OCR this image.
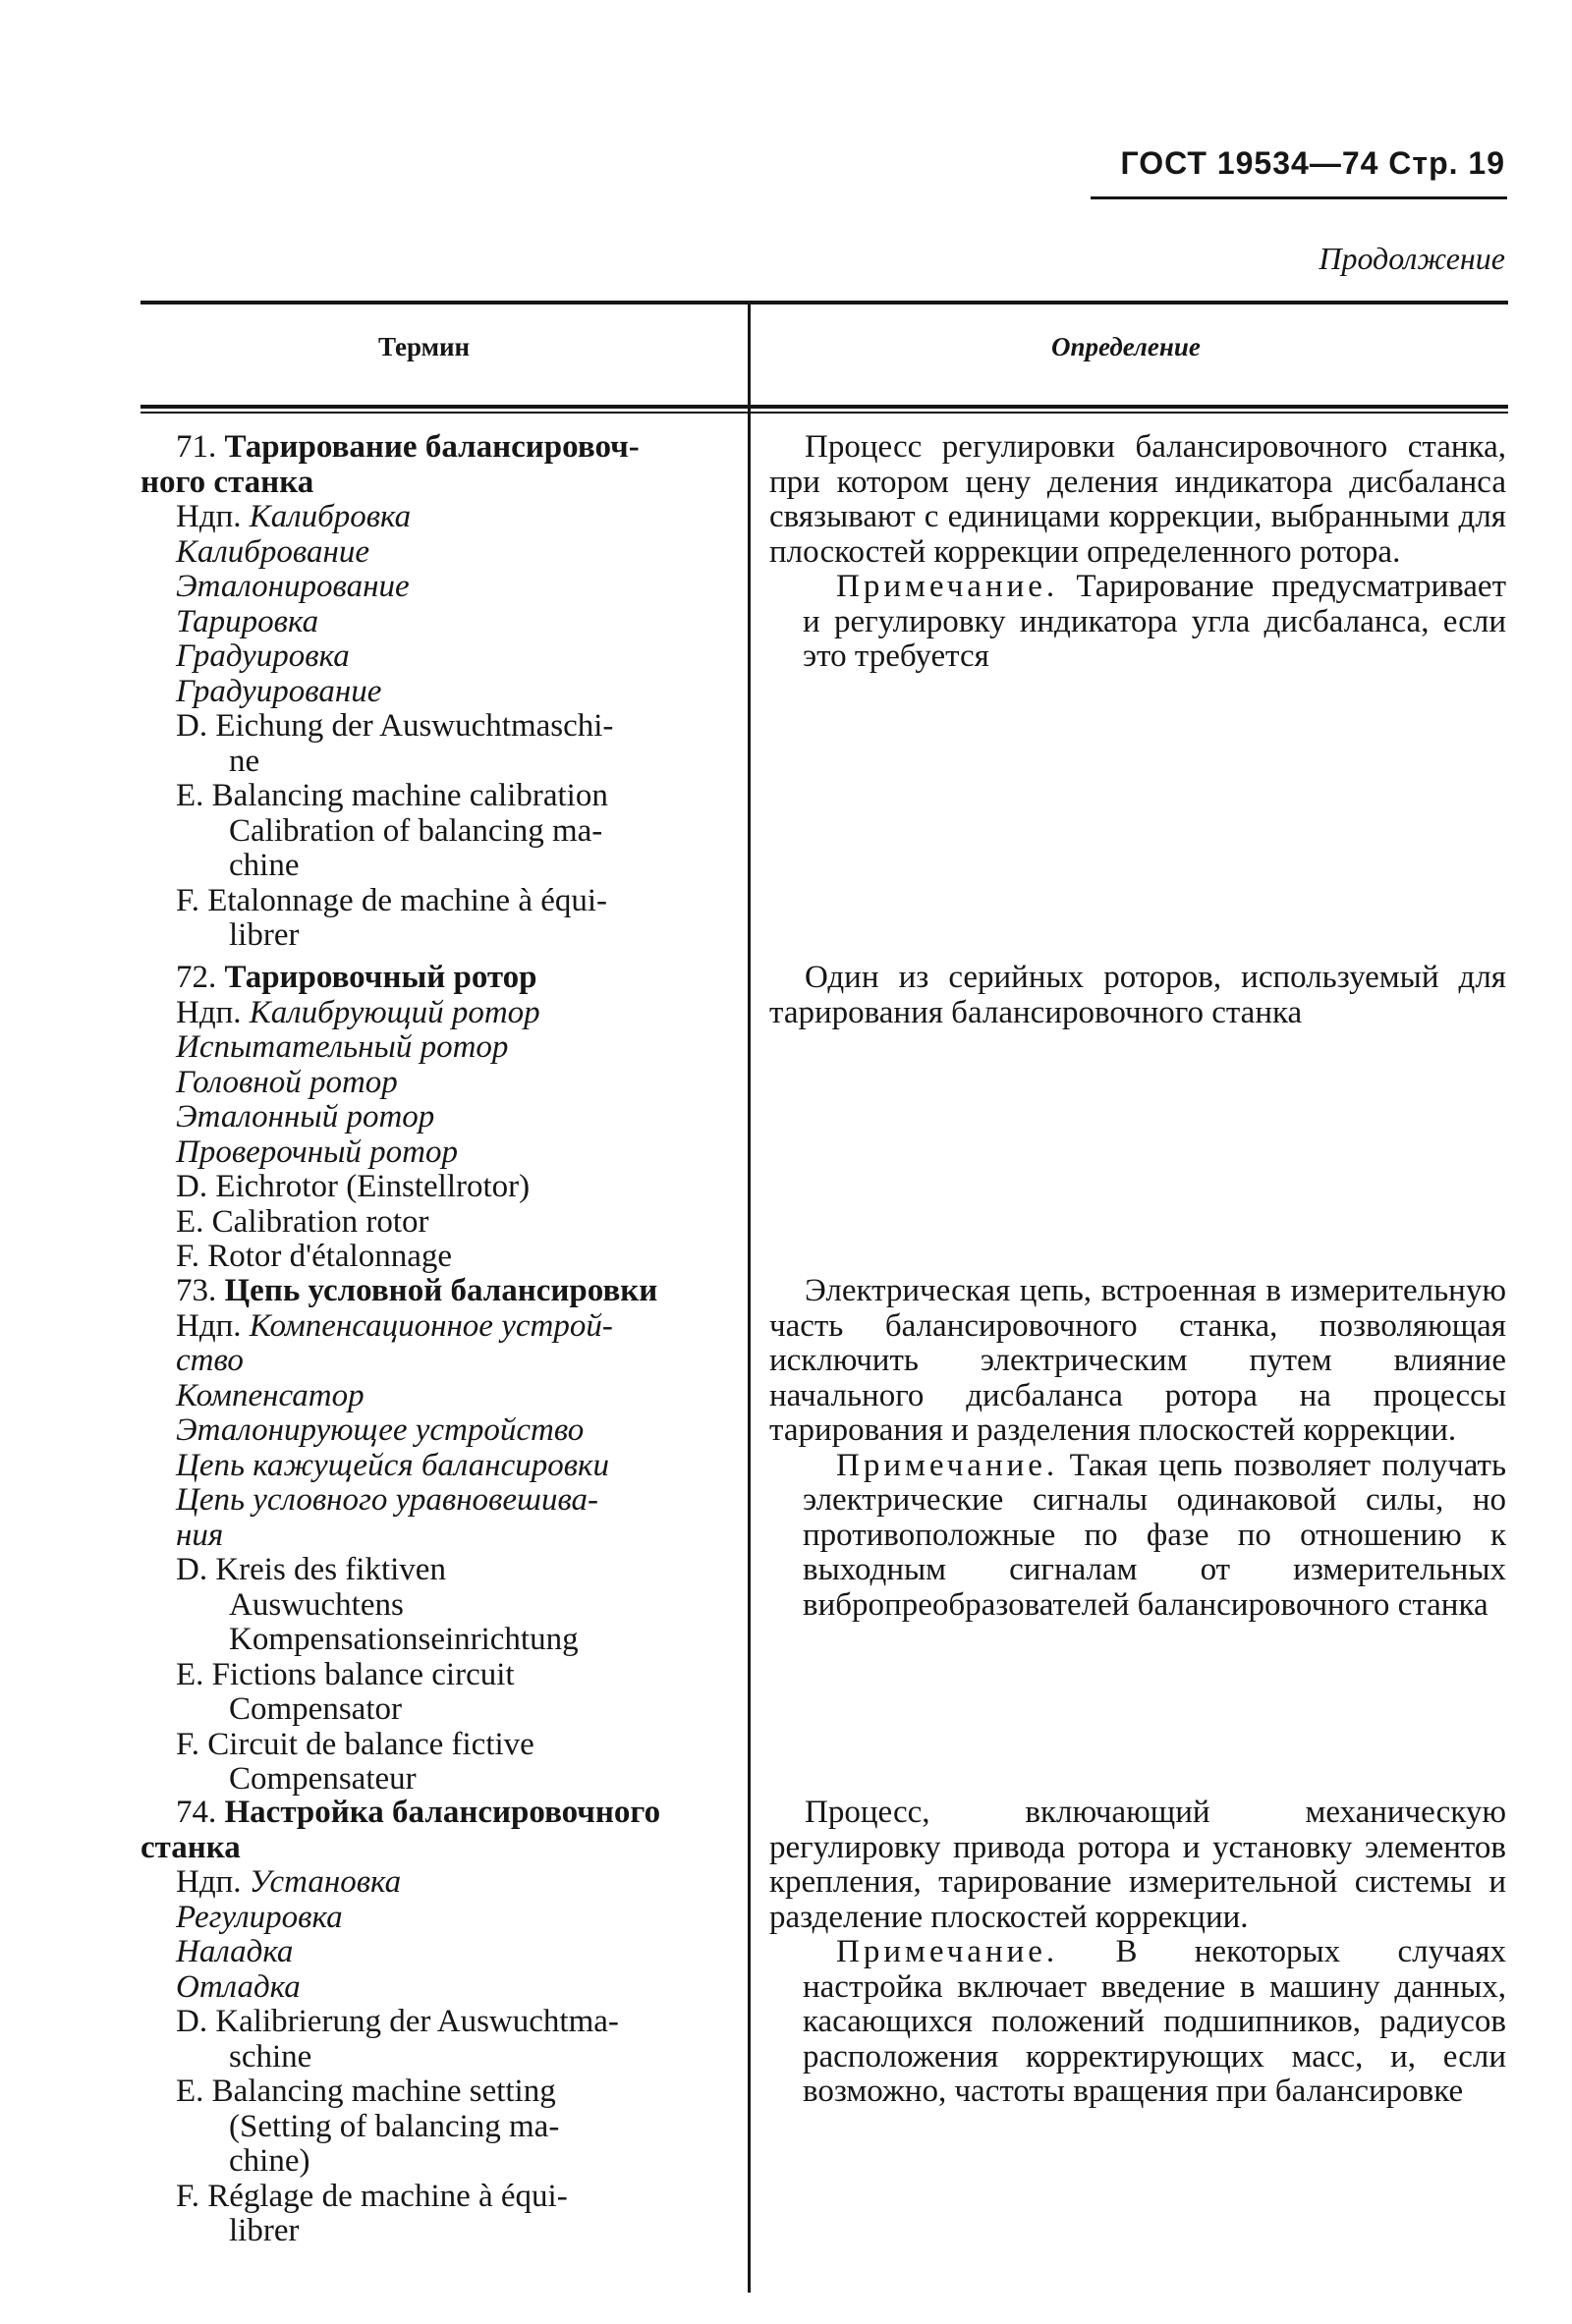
ГОСТ 19534—74 Стр. 19
Продолжение
Термин	Определение
71. Тарирование балансировоч-
ного станка
Ндп. Калибровка
Калибрование
Эталонирование
Тарировка
Градуировка
Градуирование
D. Eichung der Auswuchtmaschi-
ne
E. Balancing machine calibration
Calibration of balancing ma-
chine
F. Etalonnage de machine à équi-
librer
Процесс регулировки балансировочного станка, при котором цену деления индикатора дисбаланса связывают с единицами коррекции, выбранными для плоскостей коррекции определенного ротора.
Примечание. Тарирование предусматривает и регулировку индикатора угла дисбаланса, если это требуется
72. Тарировочный ротор
Ндп. Калибрующий ротор
Испытательный ротор
Головной ротор
Эталонный ротор
Проверочный ротор
D. Eichrotor (Einstellrotor)
E. Calibration rotor
F. Rotor d'étalonnage
Один из серийных роторов, используемый для тарирования балансировочного станка
73. Цепь условной балансировки
Ндп. Компенсационное устрой-
ство
Компенсатор
Эталонирующее устройство
Цепь кажущейся балансировки
Цепь условного уравновешива-
ния
D. Kreis des fiktiven
Auswuchtens
Kompensationseinrichtung
E. Fictions balance circuit
Compensator
F. Circuit de balance fictive
Compensateur
Электрическая цепь, встроенная в измерительную часть балансировочного станка, позволяющая исключить электрическим путем влияние начального дисбаланса ротора на процессы тарирования и разделения плоскостей коррекции.
Примечание. Такая цепь позволяет получать электрические сигналы одинаковой силы, но противоположные по фазе по отношению к выходным сигналам от измерительных вибропреобразователей балансировочного станка
74. Настройка балансировочного
станка
Ндп. Установка
Регулировка
Наладка
Отладка
D. Kalibrierung der Auswuchtma-
schine
E. Balancing machine setting
(Setting of balancing ma-
chine)
F. Réglage de machine à équi-
librer
Процесс, включающий механическую регулировку привода ротора и установку элементов крепления, тарирование измерительной системы и разделение плоскостей коррекции.
Примечание. В некоторых случаях настройка включает введение в машину данных, касающихся положений подшипников, радиусов расположения корректирующих масс, и, если возможно, частоты вращения при балансировке
